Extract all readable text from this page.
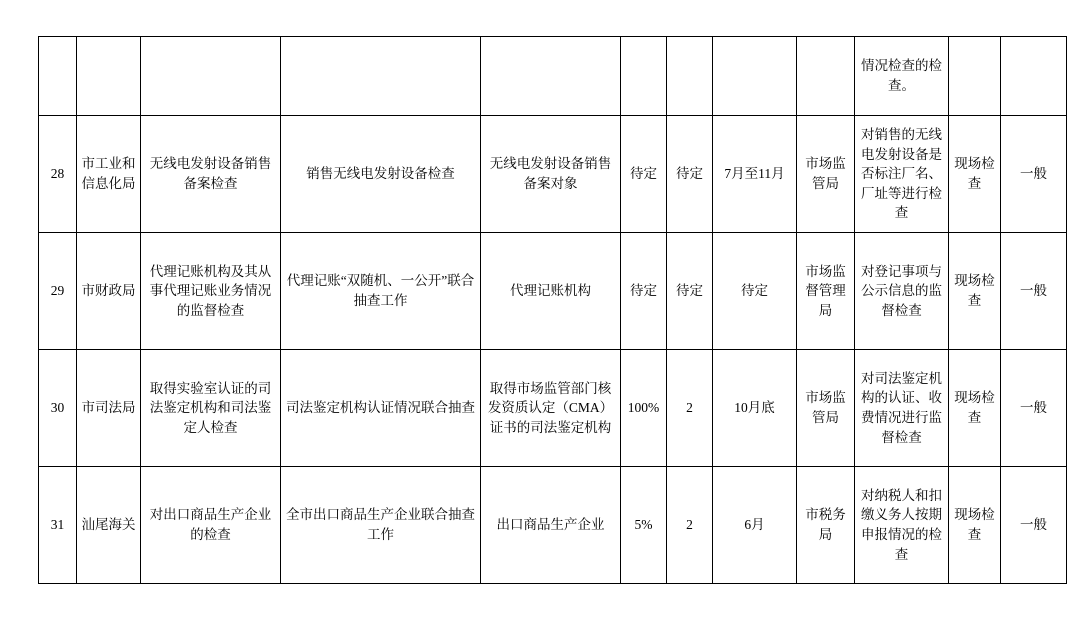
									情况检查的检查。		
28	市工业和信息化局	无线电发射设备销售备案检查	销售无线电发射设备检查	无线电发射设备销售备案对象	待定	待定	7月至11月	市场监管局	对销售的无线电发射设备是否标注厂名、厂址等进行检查	现场检查	一般
29	市财政局	代理记账机构及其从事代理记账业务情况的监督检查	代理记账“双随机、一公开”联合抽查工作	代理记账机构	待定	待定	待定	市场监督管理局	对登记事项与公示信息的监督检查	现场检查	一般
30	市司法局	取得实验室认证的司法鉴定机构和司法鉴定人检查	司法鉴定机构认证情况联合抽查	取得市场监管部门核发资质认定（CMA）证书的司法鉴定机构	100%	2	10月底	市场监管局	对司法鉴定机构的认证、收费情况进行监督检查	现场检查	一般
31	汕尾海关	对出口商品生产企业的检查	全市出口商品生产企业联合抽查工作	出口商品生产企业	5%	2	6月	市税务局	对纳税人和扣缴义务人按期申报情况的检查	现场检查	一般
